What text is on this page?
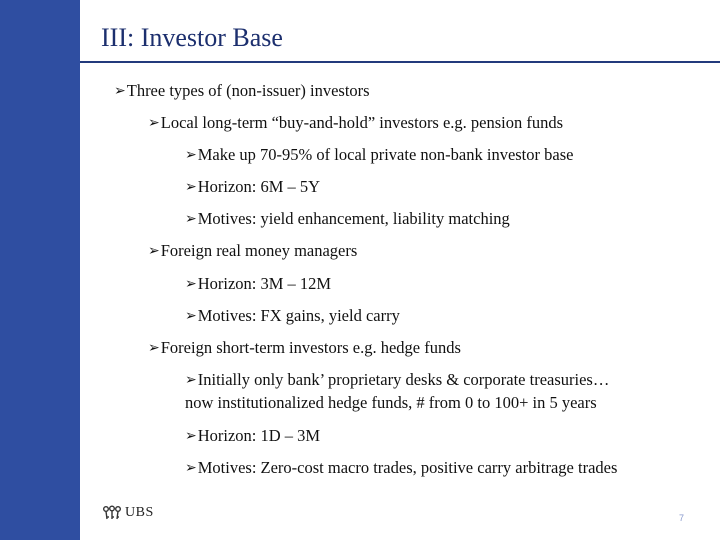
III: Investor Base
➢Three types of (non-issuer) investors
➢Local long-term “buy-and-hold” investors e.g. pension funds
➢Make up 70-95% of local private non-bank investor base
➢Horizon: 6M – 5Y
➢Motives: yield enhancement, liability matching
➢Foreign real money managers
➢Horizon: 3M – 12M
➢Motives: FX gains, yield carry
➢Foreign short-term investors e.g. hedge funds
➢Initially only bank’ proprietary desks & corporate treasuries…
now institutionalized hedge funds, # from 0 to 100+ in 5 years
➢Horizon: 1D – 3M
➢Motives: Zero-cost macro trades, positive carry arbitrage trades
UBS	7
